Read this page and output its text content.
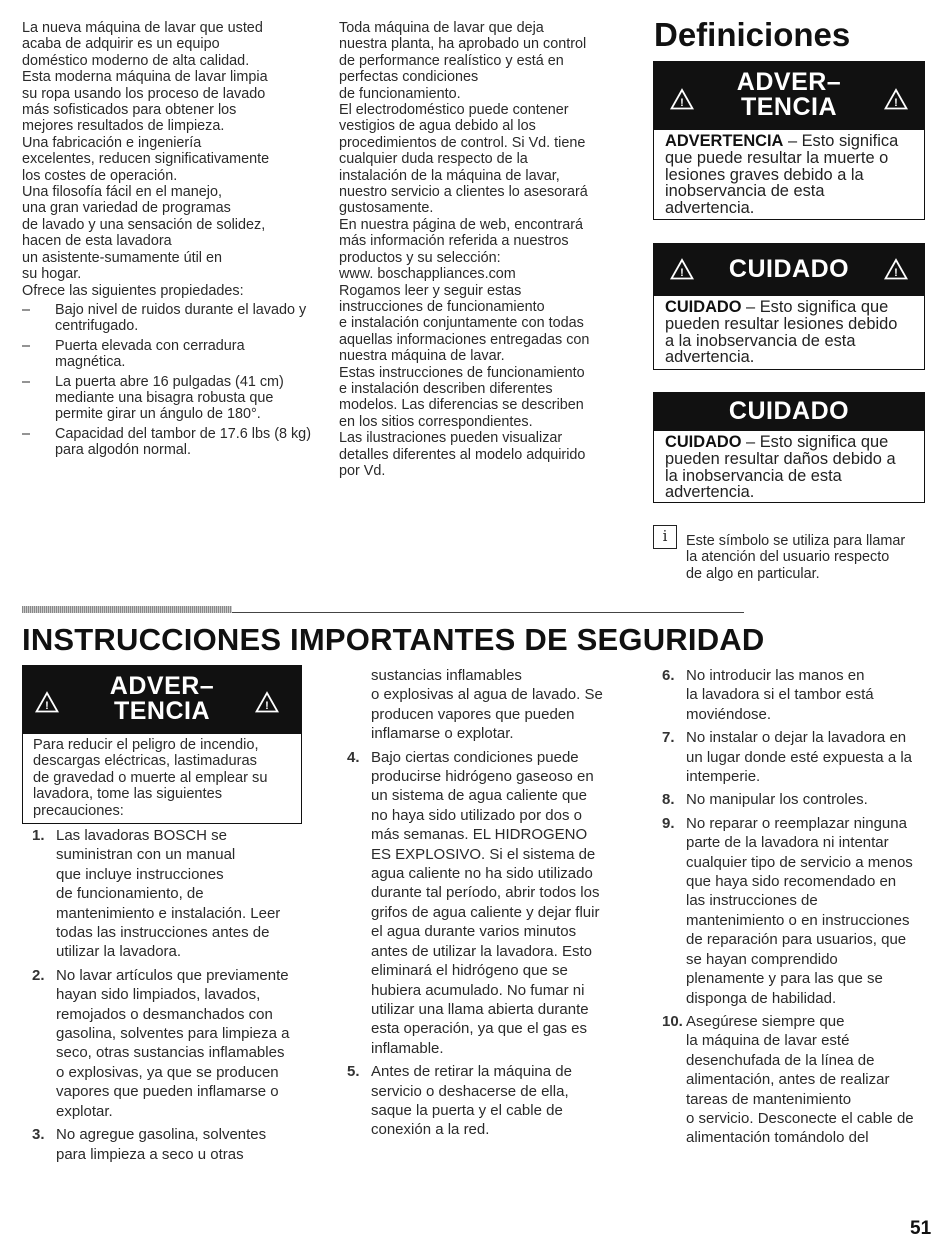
La nueva máquina de lavar que usted
acaba de adquirir es un equipo
doméstico moderno de alta calidad.
Esta moderna máquina de lavar limpia
su ropa usando los proceso de lavado
más sofisticados para obtener los
mejores resultados de limpieza.
Una fabricación e ingeniería
excelentes, reducen significativamente
los costes de operación.
Una filosofía fácil en el manejo,
una gran variedad de programas
de lavado y una sensación de solidez,
hacen de esta lavadora
un asistente-sumamente útil en
su hogar.
Ofrece las siguientes propiedades:
– Bajo nivel de ruidos durante el lavado y centrifugado.
– Puerta elevada con cerradura magnética.
– La puerta abre 16 pulgadas (41 cm) mediante una bisagra robusta que permite girar un ángulo de 180°.
– Capacidad del tambor de 17.6 lbs (8 kg) para algodón normal.
Toda máquina de lavar que deja
nuestra planta, ha aprobado un control
de performance realístico y está en
perfectas condiciones
de funcionamiento.
El electrodoméstico puede contener
vestigios de agua debido al los
procedimientos de control. Si Vd. tiene
cualquier duda respecto de la
instalación de la máquina de lavar,
nuestro servicio a clientes lo asesorará
gustosamente.
En nuestra página de web, encontrará
más información referida a nuestros
productos y su selección:
www. boschappliances.com
Rogamos leer y seguir estas
instrucciones de funcionamiento
e instalación conjuntamente con todas
aquellas informaciones entregadas con
nuestra máquina de lavar.
Estas instrucciones de funcionamiento
e instalación describen diferentes
modelos. Las diferencias se describen
en los sitios correspondientes.
Las ilustraciones pueden visualizar
detalles diferentes al modelo adquirido
por Vd.
Definiciones
!
ADVER–
TENCIA	!
ADVERTENCIA – Esto significa
que puede resultar la muerte o
lesiones graves debido a la
inobservancia de esta
advertencia.
!	CUIDADO	!
CUIDADO – Esto significa que
pueden resultar lesiones debido
a la inobservancia de esta
advertencia.
CUIDADO
CUIDADO – Esto significa que
pueden resultar daños debido a
la inobservancia de esta
advertencia.
i	Este símbolo se utiliza para llamar
la atención del usuario respecto
de algo en particular.
INSTRUCCIONES IMPORTANTES DE SEGURIDAD
!
ADVER–
TENCIA	!
Para reducir el peligro de incendio,
descargas eléctricas, lastimaduras
de gravedad o muerte al emplear su
lavadora, tome las siguientes
precauciones:
1. Las lavadoras BOSCH se
suministran con un manual
que incluye instrucciones
de funcionamiento, de
mantenimiento e instalación. Leer
todas las instrucciones antes de
utilizar la lavadora.
2. No lavar artículos que previamente
hayan sido limpiados, lavados,
remojados o desmanchados con
gasolina, solventes para limpieza a
seco, otras sustancias inflamables
o explosivas, ya que se producen
vapores que pueden inflamarse o
explotar.
3. No agregue gasolina, solventes
para limpieza a seco u otras
sustancias inflamables
o explosivas al agua de lavado. Se
producen vapores que pueden
inflamarse o explotar.
4. Bajo ciertas condiciones puede
producirse hidrógeno gaseoso en
un sistema de agua caliente que
no haya sido utilizado por dos o
más semanas. EL HIDROGENO
ES EXPLOSIVO. Si el sistema de
agua caliente no ha sido utilizado
durante tal período, abrir todos los
grifos de agua caliente y dejar fluir
el agua durante varios minutos
antes de utilizar la lavadora. Esto
eliminará el hidrógeno que se
hubiera acumulado. No fumar ni
utilizar una llama abierta durante
esta operación, ya que el gas es
inflamable.
5. Antes de retirar la máquina de
servicio o deshacerse de ella,
saque la puerta y el cable de
conexión a la red.
6. No introducir las manos en
la lavadora si el tambor está
moviéndose.
7. No instalar o dejar la lavadora en
un lugar donde esté expuesta a la
intemperie.
8. No manipular los controles.
9. No reparar o reemplazar ninguna
parte de la lavadora ni intentar
cualquier tipo de servicio a menos
que haya sido recomendado en
las instrucciones de
mantenimiento o en instrucciones
de reparación para usuarios, que
se hayan comprendido
plenamente y para las que se
disponga de habilidad.
10. Asegúrese siempre que
la máquina de lavar esté
desenchufada de la línea de
alimentación, antes de realizar
tareas de mantenimiento
o servicio. Desconecte el cable de
alimentación tomándolo del
51
